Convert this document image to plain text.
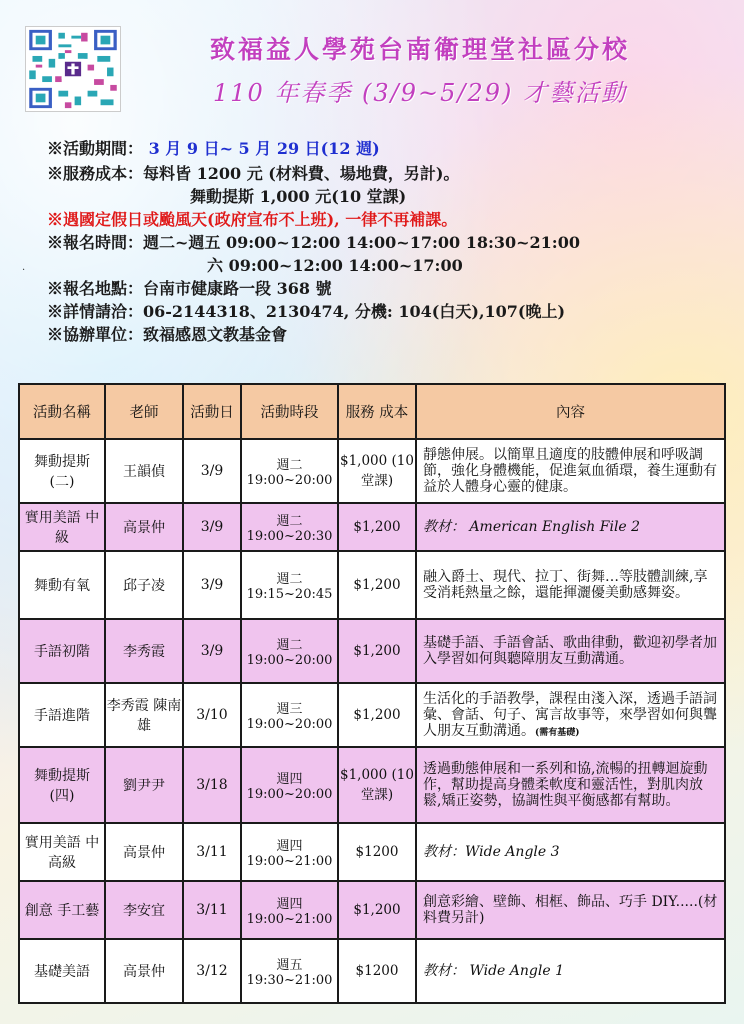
致福益人學苑台南衛理堂社區分校
110 年春季 (3/9~5/29) 才藝活動
※活動期間： 3 月 9 日~ 5 月 29 日(12 週)
※服務成本：每料皆 1200 元 (材料費、場地費，另計)。
舞動提斯 1,000 元(10 堂課)
※遇國定假日或颱風天(政府宣布不上班), 一律不再補課。
※報名時間：週二~週五 09:00~12:00 14:00~17:00 18:30~21:00
六 09:00~12:00 14:00~17:00
※報名地點：台南市健康路一段 368 號
※詳情請洽：06-2144318、2130474, 分機: 104(白天),107(晚上)
※協辦單位：致福感恩文教基金會
.
活動名稱	老師	活動日	活動時段	服務 成本	內容
舞動提斯 (二)	王韻偵	3/9	週二 19:00~20:00	$1,000 (10 堂課)	靜態伸展。以簡單且適度的肢體伸展和呼吸調節，強化身體機能，促進氣血循環，養生運動有益於人體身心靈的健康。
實用美語 中級	高景仲	3/9	週二 19:00~20:30	$1,200	教材： American English File 2
舞動有氧	邱子凌	3/9	週二 19:15~20:45	$1,200	融入爵士、現代、拉丁、街舞…等肢體訓練,享受消耗熱量之餘，還能揮灑優美動感舞姿。
手語初階	李秀霞	3/9	週二 19:00~20:00	$1,200	基礎手語、手語會話、歌曲律動，歡迎初學者加入學習如何與聽障朋友互動溝通。
手語進階	李秀霞 陳南雄	3/10	週三 19:00~20:00	$1,200	生活化的手語教學，課程由淺入深，透過手語詞彙、會話、句子、寓言故事等，來學習如何與聾人朋友互動溝通。(需有基礎)
舞動提斯 (四)	劉尹尹	3/18	週四 19:00~20:00	$1,000 (10 堂課)	透過動態伸展和一系列和協,流暢的扭轉迴旋動作，幫助提高身體柔軟度和靈活性，對肌肉放鬆,矯正姿勢，協調性與平衡感都有幫助。
實用美語 中高級	高景仲	3/11	週四 19:00~21:00	$1200	教材：Wide Angle 3
創意 手工藝	李安宜	3/11	週四 19:00~21:00	$1,200	創意彩繪、壁飾、相框、飾品、巧手 DIY.....(材料費另計)
基礎美語	高景仲	3/12	週五 19:30~21:00	$1200	教材： Wide Angle 1
